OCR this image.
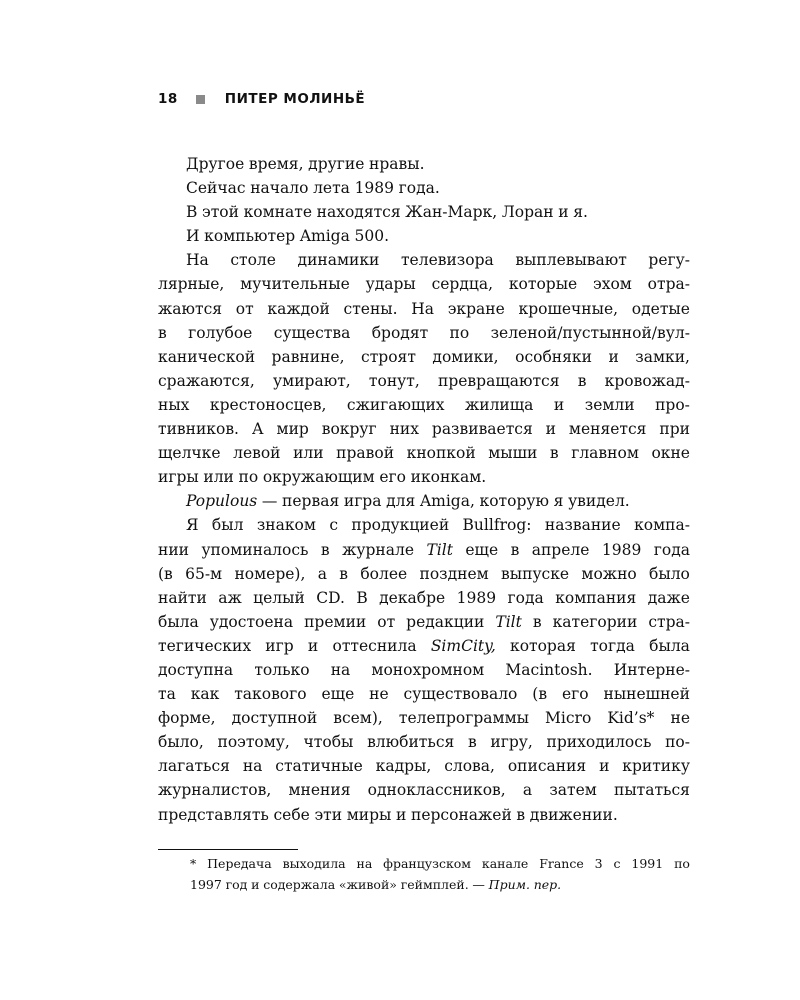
18	ПИТЕР МОЛИНЬЁ
Другое время, другие нравы.
Сейчас начало лета 1989 года.
В этой комнате находятся Жан-Марк, Лоран и я.
И компьютер Amiga 500.
На столе динамики телевизора выплевывают регу-
лярные, мучительные удары сердца, которые эхом отра-
жаются от каждой стены. На экране крошечные, одетые
в голубое существа бродят по зеленой/пустынной/вул-
канической равнине, строят домики, особняки и замки,
сражаются, умирают, тонут, превращаются в кровожад-
ных крестоносцев, сжигающих жилища и земли про-
тивников. А мир вокруг них развивается и меняется при
щелчке левой или правой кнопкой мыши в главном окне
игры или по окружающим его иконкам.
Populous — первая игра для Amiga, которую я увидел.
Я был знаком с продукцией Bullfrog: название компа-
нии упоминалось в журнале Tilt еще в апреле 1989 года
(в 65-м номере), а в более позднем выпуске можно было
найти аж целый CD. В декабре 1989 года компания даже
была удостоена премии от редакции Tilt в категории стра-
тегических игр и оттеснила SimCity, которая тогда была
доступна только на монохромном Macintosh. Интерне-
та как такового еще не существовало (в его нынешней
форме, доступной всем), телепрограммы Micro Kid’s* не
было, поэтому, чтобы влюбиться в игру, приходилось по-
лагаться на статичные кадры, слова, описания и критику
журналистов, мнения одноклассников, а затем пытаться
представлять себе эти миры и персонажей в движении.
* Передача выходила на французском канале France 3 с 1991 по
1997 год и содержала «живой» геймплей. — Прим. пер.
